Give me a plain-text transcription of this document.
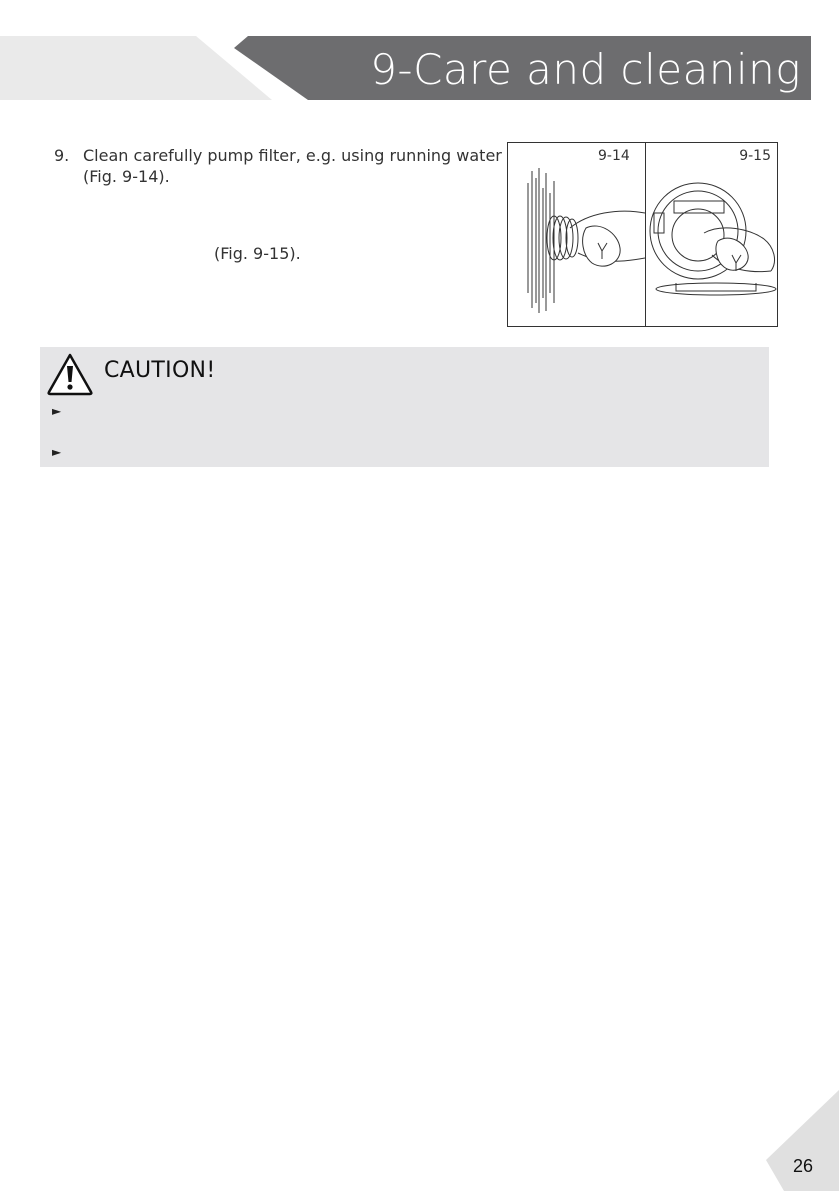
9-Care and cleaning
9. Clean carefully pump filter, e.g. using running water (Fig. 9-14).
(Fig. 9-15).
9-14	9-15
CAUTION!
►
►
26
